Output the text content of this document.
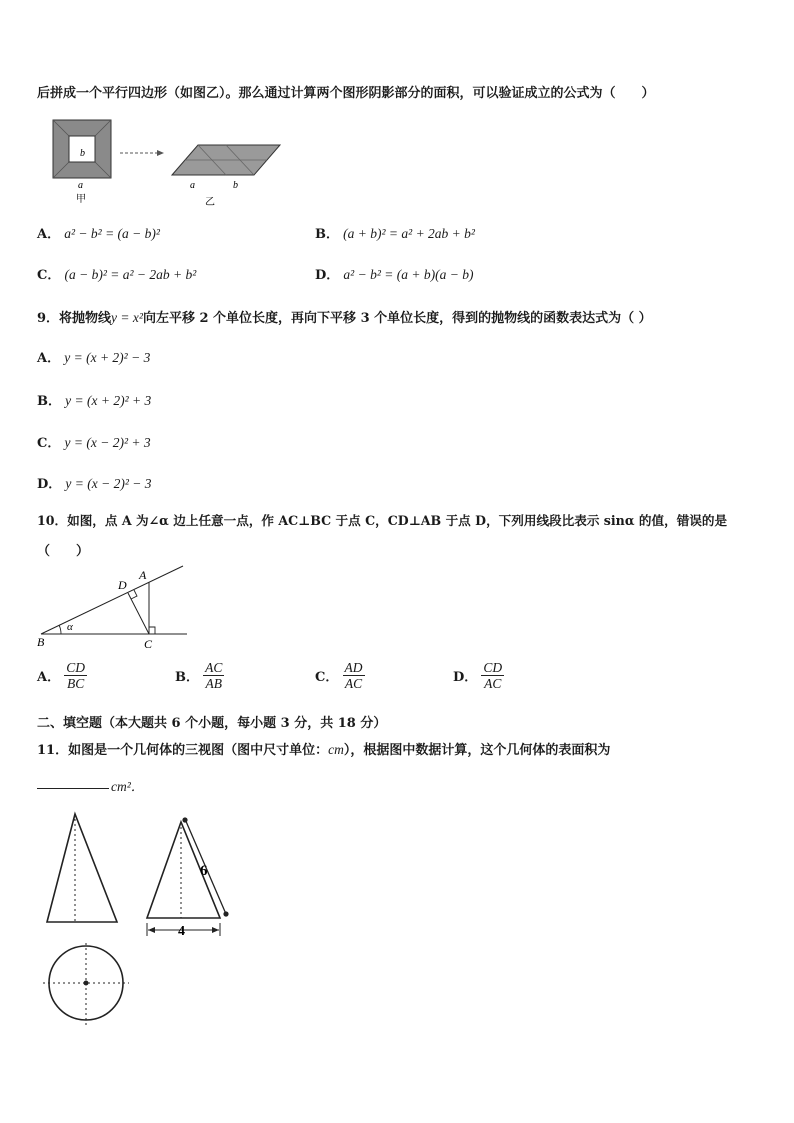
后拼成一个平行四边形（如图乙）。那么通过计算两个图形阴影部分的面积，可以验证成立的公式为（　　）
b
a
甲
a	b
乙
A． a² − b² = (a − b)²	B． (a + b)² = a² + 2ab + b²
C． (a − b)² = a² − 2ab + b²	D． a² − b² = (a + b)(a − b)
9．将抛物线y = x²向左平移 2 个单位长度，再向下平移 3 个单位长度，得到的抛物线的函数表达式为（ ）
A． y = (x + 2)² − 3
B． y = (x + 2)² + 3
C． y = (x − 2)² + 3
D． y = (x − 2)² − 3
10．如图，点 A 为∠α 边上任意一点，作 AC⊥BC 于点 C，CD⊥AB 于点 D，下列用线段比表示 sinα 的值，错误的是
（　　）
B	C
A
D
α
A． $\frac{CD}{BC}$	B． $\frac{AC}{AB}$	C． $\frac{AD}{AC}$	D． $\frac{CD}{AC}$
二、填空题（本大题共 6 个小题，每小题 3 分，共 18 分）
11．如图是一个几何体的三视图（图中尺寸单位：cm），根据图中数据计算，这个几何体的表面积为
cm²．
6
4
